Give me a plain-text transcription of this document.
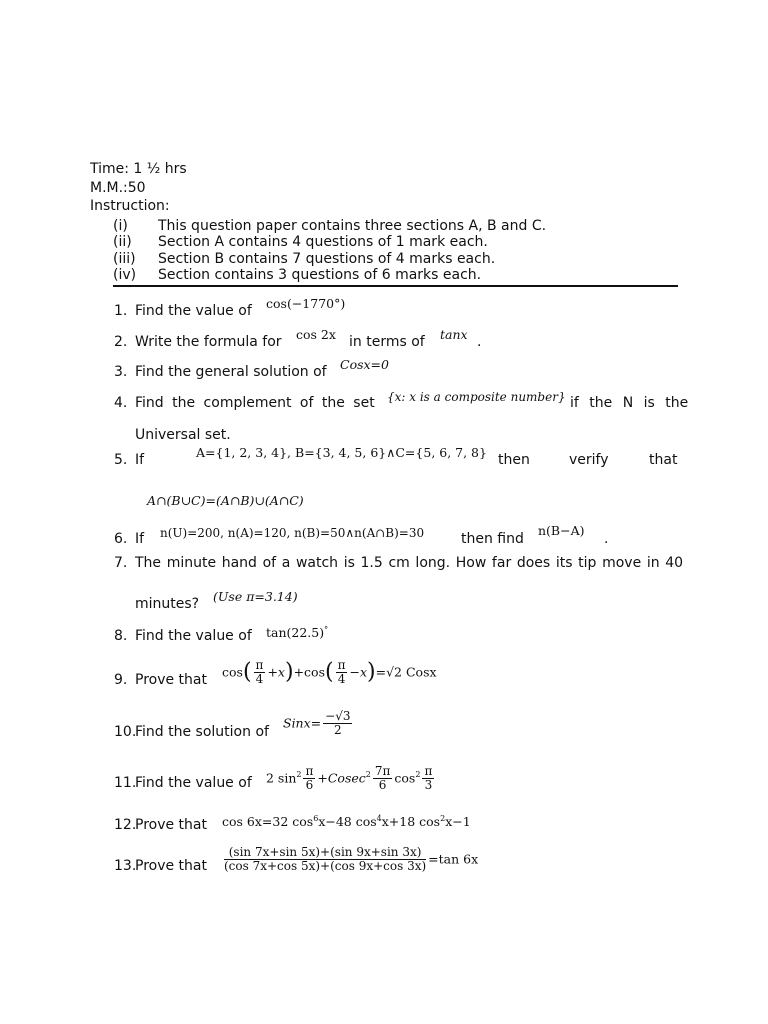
Time: 1 ½ hrs
M.M.:50
Instruction:
(i) This question paper contains three sections A, B and C.
(ii) Section A contains 4 questions of 1 mark each.
(iii) Section B contains 7 questions of 4 marks each.
(iv) Section contains 3 questions of 6 marks each.
1. Find the value of cos(−1770°)
2. Write the formula for cos 2x in terms of tanx .
3. Find the general solution of Cosx=0
4. Find the complement of the set {x: x is a composite number} if the N is the
Universal set.
5. If	A={1, 2, 3, 4}, B={3, 4, 5, 6}∧C={5, 6, 7, 8} then	verify	that
A∩(B∪C)=(A∩B)∪(A∩C)
6. If n(U)=200, n(A)=120, n(B)=50∧n(A∩B)=30	then find
n(B−A)
.
7. The minute hand of a watch is 1.5 cm long. How far does its tip move in 40
minutes? (Use π=3.14)
8. Find the value of tan(22.5)°
9. Prove that $\cos( \frac{\pi}{4} +x)+\cos( \frac{\pi}{4} -x)=√2$ Cosx
10.
Find the solution of
Sinx= $\frac{-√3}{2}$
11.
Find the value of 2 $\sin^2 \frac{\pi}{6} +Cosec^2 \frac{7\pi}{6} \cos^2 \frac{\pi}{3}$
12.
Prove that cos 6x=32 $\cos^6x-48$ $\cos^4x+18$ $\cos^2x-1$
13.
Prove that $\frac{(\sin 7x+\sin 5x)+(\sin 9x+\sin 3x)}{(\cos 7x+\cos 5x)+(\cos 9x+\cos 3x)} =\tan$ 6x
